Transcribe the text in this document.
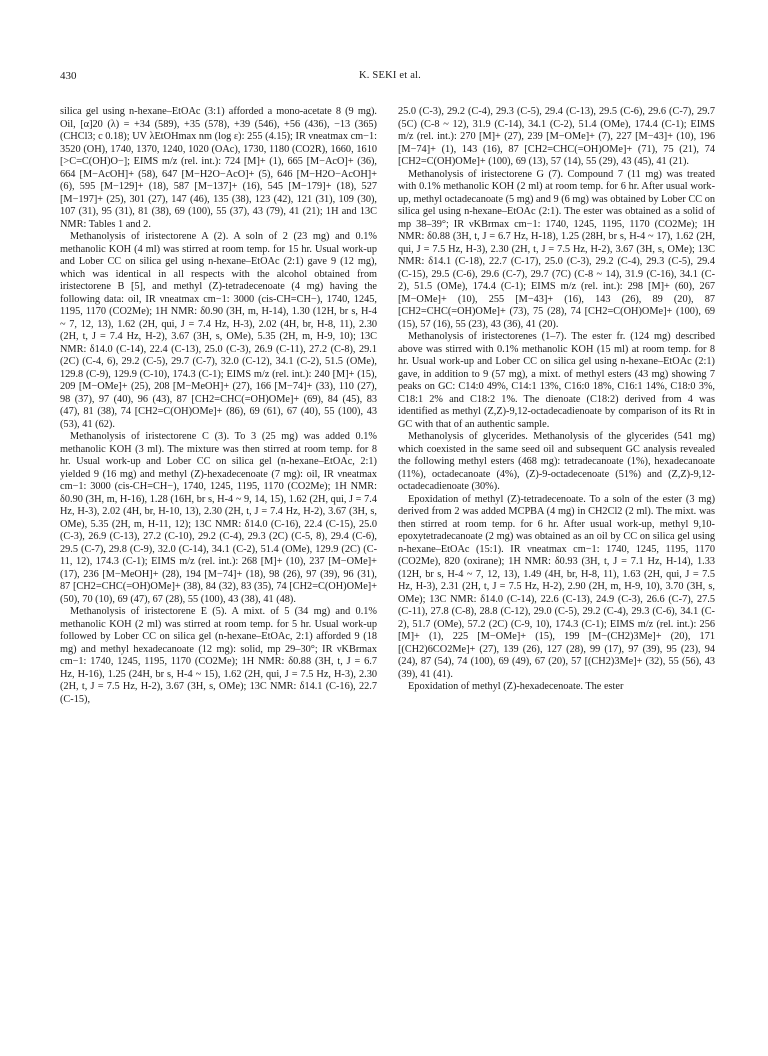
430	K. SEKI et al.

silica gel using n-hexane–EtOAc (3:1) afforded a mono-acetate 8 (9 mg). Oil, [α]20 (λ) = +34 (589), +35 (578), +39 (546), +56 (436), −13 (365) (CHCl3; c 0.18); UV λEtOHmax nm (log ε): 255 (4.15); IR νneatmax cm−1: 3520 (OH), 1740, 1370, 1240, 1020 (OAc), 1730, 1180 (CO2R), 1660, 1610 [>C=C(OH)O−]; EIMS m/z (rel. int.): 724 [M]+ (1), 665 [M−AcO]+ (36), 664 [M−AcOH]+ (58), 647 [M−H2O−AcO]+ (5), 646 [M−H2O−AcOH]+ (6), 595 [M−129]+ (18), 587 [M−137]+ (16), 545 [M−179]+ (18), 527 [M−197]+ (25), 301 (27), 147 (46), 135 (38), 123 (42), 121 (31), 109 (30), 107 (31), 95 (31), 81 (38), 69 (100), 55 (37), 43 (79), 41 (21); 1H and 13C NMR: Tables 1 and 2.

Methanolysis of iristectorene A (2). A soln of 2 (23 mg) and 0.1% methanolic KOH (4 ml) was stirred at room temp. for 15 hr. Usual work-up and Lober CC on silica gel using n-hexane–EtOAc (2:1) gave 9 (12 mg), which was identical in all respects with the alcohol obtained from iristectorene B [5], and methyl (Z)-tetradecenoate (4 mg) having the following data: oil, IR νneatmax cm−1: 3000 (cis-CH=CH−), 1740, 1245, 1195, 1170 (CO2Me); 1H NMR: δ0.90 (3H, m, H-14), 1.30 (12H, br s, H-4 ~ 7, 12, 13), 1.62 (2H, qui, J = 7.4 Hz, H-3), 2.02 (4H, br, H-8, 11), 2.30 (2H, t, J = 7.4 Hz, H-2), 3.67 (3H, s, OMe), 5.35 (2H, m, H-9, 10); 13C NMR: δ14.0 (C-14), 22.4 (C-13), 25.0 (C-3), 26.9 (C-11), 27.2 (C-8), 29.1 (2C) (C-4, 6), 29.2 (C-5), 29.7 (C-7), 32.0 (C-12), 34.1 (C-2), 51.5 (OMe), 129.8 (C-9), 129.9 (C-10), 174.3 (C-1); EIMS m/z (rel. int.): 240 [M]+ (15), 209 [M−OMe]+ (25), 208 [M−MeOH]+ (27), 166 [M−74]+ (33), 110 (27), 98 (37), 97 (40), 96 (43), 87 [CH2=CHC(=OH)OMe]+ (69), 84 (45), 83 (47), 81 (38), 74 [CH2=C(OH)OMe]+ (86), 69 (61), 67 (40), 55 (100), 43 (53), 41 (62).

Methanolysis of iristectorene C (3). To 3 (25 mg) was added 0.1% methanolic KOH (3 ml). The mixture was then stirred at room temp. for 8 hr. Usual work-up and Lober CC on silica gel (n-hexane–EtOAc, 2:1) yielded 9 (16 mg) and methyl (Z)-hexadecenoate (7 mg): oil, IR νneatmax cm−1: 3000 (cis-CH=CH−), 1740, 1245, 1195, 1170 (CO2Me); 1H NMR: δ0.90 (3H, m, H-16), 1.28 (16H, br s, H-4 ~ 9, 14, 15), 1.62 (2H, qui, J = 7.4 Hz, H-3), 2.02 (4H, br, H-10, 13), 2.30 (2H, t, J = 7.4 Hz, H-2), 3.67 (3H, s, OMe), 5.35 (2H, m, H-11, 12); 13C NMR: δ14.0 (C-16), 22.4 (C-15), 25.0 (C-3), 26.9 (C-13), 27.2 (C-10), 29.2 (C-4), 29.3 (2C) (C-5, 8), 29.4 (C-6), 29.5 (C-7), 29.8 (C-9), 32.0 (C-14), 34.1 (C-2), 51.4 (OMe), 129.9 (2C) (C-11, 12), 174.3 (C-1); EIMS m/z (rel. int.): 268 [M]+ (10), 237 [M−OMe]+ (17), 236 [M−MeOH]+ (28), 194 [M−74]+ (18), 98 (26), 97 (39), 96 (31), 87 [CH2=CHC(=OH)OMe]+ (38), 84 (32), 83 (35), 74 [CH2=C(OH)OMe]+ (50), 70 (10), 69 (47), 67 (28), 55 (100), 43 (38), 41 (48).

Methanolysis of iristectorene E (5). A mixt. of 5 (34 mg) and 0.1% methanolic KOH (2 ml) was stirred at room temp. for 5 hr. Usual work-up followed by Lober CC on silica gel (n-hexane–EtOAc, 2:1) afforded 9 (18 mg) and methyl hexadecanoate (12 mg): solid, mp 29–30°; IR νKBrmax cm−1: 1740, 1245, 1195, 1170 (CO2Me); 1H NMR: δ0.88 (3H, t, J = 6.7 Hz, H-16), 1.25 (24H, br s, H-4 ~ 15), 1.62 (2H, qui, J = 7.5 Hz, H-3), 2.30 (2H, t, J = 7.5 Hz, H-2), 3.67 (3H, s, OMe); 13C NMR: δ14.1 (C-16), 22.7 (C-15),

25.0 (C-3), 29.2 (C-4), 29.3 (C-5), 29.4 (C-13), 29.5 (C-6), 29.6 (C-7), 29.7 (5C) (C-8 ~ 12), 31.9 (C-14), 34.1 (C-2), 51.4 (OMe), 174.4 (C-1); EIMS m/z (rel. int.): 270 [M]+ (27), 239 [M−OMe]+ (7), 227 [M−43]+ (10), 196 [M−74]+ (1), 143 (16), 87 [CH2=CHC(=OH)OMe]+ (71), 75 (21), 74 [CH2=C(OH)OMe]+ (100), 69 (13), 57 (14), 55 (29), 43 (45), 41 (21).

Methanolysis of iristectorene G (7). Compound 7 (11 mg) was treated with 0.1% methanolic KOH (2 ml) at room temp. for 6 hr. After usual work-up, methyl octadecanoate (5 mg) and 9 (6 mg) was obtained by Lober CC on silica gel using n-hexane–EtOAc (2:1). The ester was obtained as a solid of mp 38–39°; IR νKBrmax cm−1: 1740, 1245, 1195, 1170 (CO2Me); 1H NMR: δ0.88 (3H, t, J = 6.7 Hz, H-18), 1.25 (28H, br s, H-4 ~ 17), 1.62 (2H, qui, J = 7.5 Hz, H-3), 2.30 (2H, t, J = 7.5 Hz, H-2), 3.67 (3H, s, OMe); 13C NMR: δ14.1 (C-18), 22.7 (C-17), 25.0 (C-3), 29.2 (C-4), 29.3 (C-5), 29.4 (C-15), 29.5 (C-6), 29.6 (C-7), 29.7 (7C) (C-8 ~ 14), 31.9 (C-16), 34.1 (C-2), 51.5 (OMe), 174.4 (C-1); EIMS m/z (rel. int.): 298 [M]+ (60), 267 [M−OMe]+ (10), 255 [M−43]+ (16), 143 (26), 89 (20), 87 [CH2=CHC(=OH)OMe]+ (73), 75 (28), 74 [CH2=C(OH)OMe]+ (100), 69 (15), 57 (16), 55 (23), 43 (36), 41 (20).

Methanolysis of iristectorenes (1–7). The ester fr. (124 mg) described above was stirred with 0.1% methanolic KOH (15 ml) at room temp. for 8 hr. Usual work-up and Lober CC on silica gel using n-hexane–EtOAc (2:1) gave, in addition to 9 (57 mg), a mixt. of methyl esters (43 mg) showing 7 peaks on GC: C14:0 49%, C14:1 13%, C16:0 18%, C16:1 14%, C18:0 3%, C18:1 2% and C18:2 1%. The dienoate (C18:2) derived from 4 was identified as methyl (Z,Z)-9,12-octadecadienoate by comparison of its Rt in GC with that of an authentic sample.

Methanolysis of glycerides. Methanolysis of the glycerides (541 mg) which coexisted in the same seed oil and subsequent GC analysis revealed the following methyl esters (468 mg): tetradecanoate (1%), hexadecanoate (11%), octadecanoate (4%), (Z)-9-octadecenoate (51%) and (Z,Z)-9,12-octadecadienoate (30%).

Epoxidation of methyl (Z)-tetradecenoate. To a soln of the ester (3 mg) derived from 2 was added MCPBA (4 mg) in CH2Cl2 (2 ml). The mixt. was then stirred at room temp. for 6 hr. After usual work-up, methyl 9,10-epoxytetradecanoate (2 mg) was obtained as an oil by CC on silica gel using n-hexane–EtOAc (15:1). IR νneatmax cm−1: 1740, 1245, 1195, 1170 (CO2Me), 820 (oxirane); 1H NMR: δ0.93 (3H, t, J = 7.1 Hz, H-14), 1.33 (12H, br s, H-4 ~ 7, 12, 13), 1.49 (4H, br, H-8, 11), 1.63 (2H, qui, J = 7.5 Hz, H-3), 2.31 (2H, t, J = 7.5 Hz, H-2), 2.90 (2H, m, H-9, 10), 3.70 (3H, s, OMe); 13C NMR: δ14.0 (C-14), 22.6 (C-13), 24.9 (C-3), 26.6 (C-7), 27.5 (C-11), 27.8 (C-8), 28.8 (C-12), 29.0 (C-5), 29.2 (C-4), 29.3 (C-6), 34.1 (C-2), 51.7 (OMe), 57.2 (2C) (C-9, 10), 174.3 (C-1); EIMS m/z (rel. int.): 256 [M]+ (1), 225 [M−OMe]+ (15), 199 [M−(CH2)3Me]+ (20), 171 [(CH2)6CO2Me]+ (27), 139 (26), 127 (28), 99 (17), 97 (39), 95 (23), 94 (24), 87 (54), 74 (100), 69 (49), 67 (20), 57 [(CH2)3Me]+ (32), 55 (56), 43 (39), 41 (41).

Epoxidation of methyl (Z)-hexadecenoate. The ester
